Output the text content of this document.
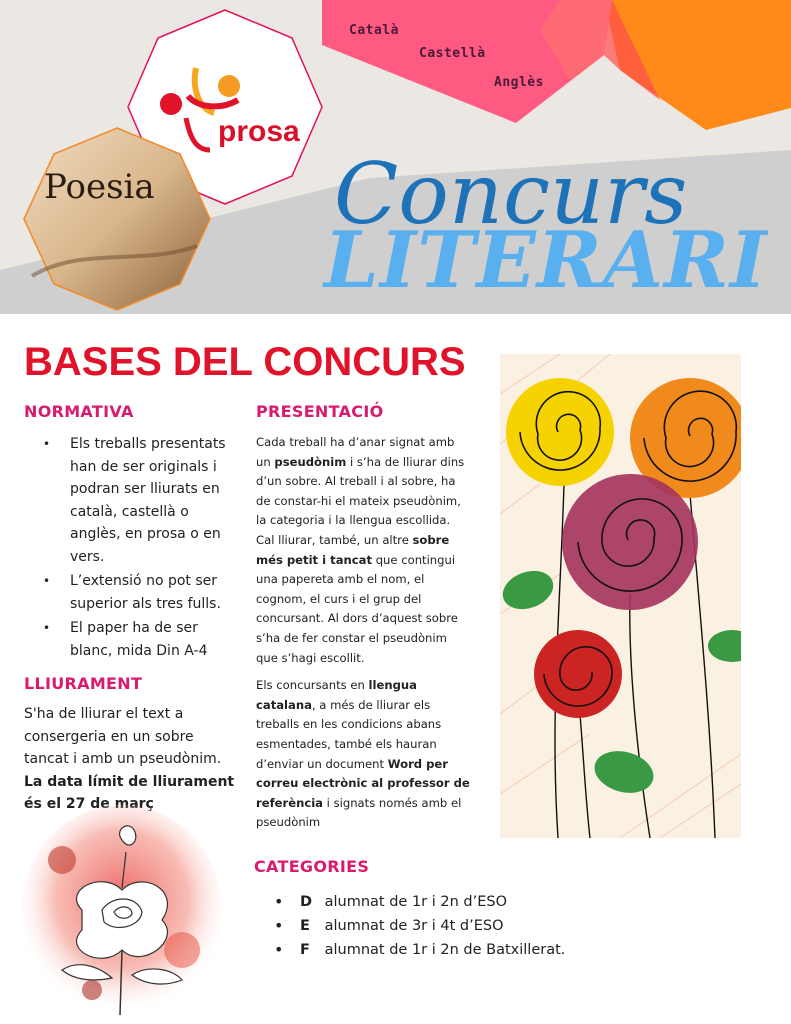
Català
Castellà
Anglès
prosa
Poesia Concurs
LITERARI
BASES DEL CONCURS
NORMATIVA
• Els treballs presentats han de ser originals i podran ser lliurats en català, castellà o anglès, en prosa o en vers.
• L’extensió no pot ser superior als tres fulls.
• El paper ha de ser blanc, mida Din A-4
LLIURAMENT

S'ha de lliurar el text a consergeria en un sobre tancat i amb un pseudònim. La data límit de lliurament és el 27 de març

PRESENTACIÓ

Cada treball ha d’anar signat amb un pseudònim i s’ha de lliurar dins d’un sobre. Al treball i al sobre, ha de constar-hi el mateix pseudònim, la categoria i la llengua escollida. Cal lliurar, també, un altre sobre més petit i tancat que contingui una papereta amb el nom, el cognom, el curs i el grup del concursant. Al dors d’aquest sobre s’ha de fer constar el pseudònim que s’hagi escollit.

Els concursants en llengua catalana, a més de lliurar els treballs en les condicions abans esmentades, també els hauran d’enviar un document Word per correu electrònic al professor de referència i signats només amb el pseudònim

CATEGORIES
• D alumnat de 1r i 2n d’ESO
• E alumnat de 3r i 4t d’ESO
• F alumnat de 1r i 2n de Batxillerat.
